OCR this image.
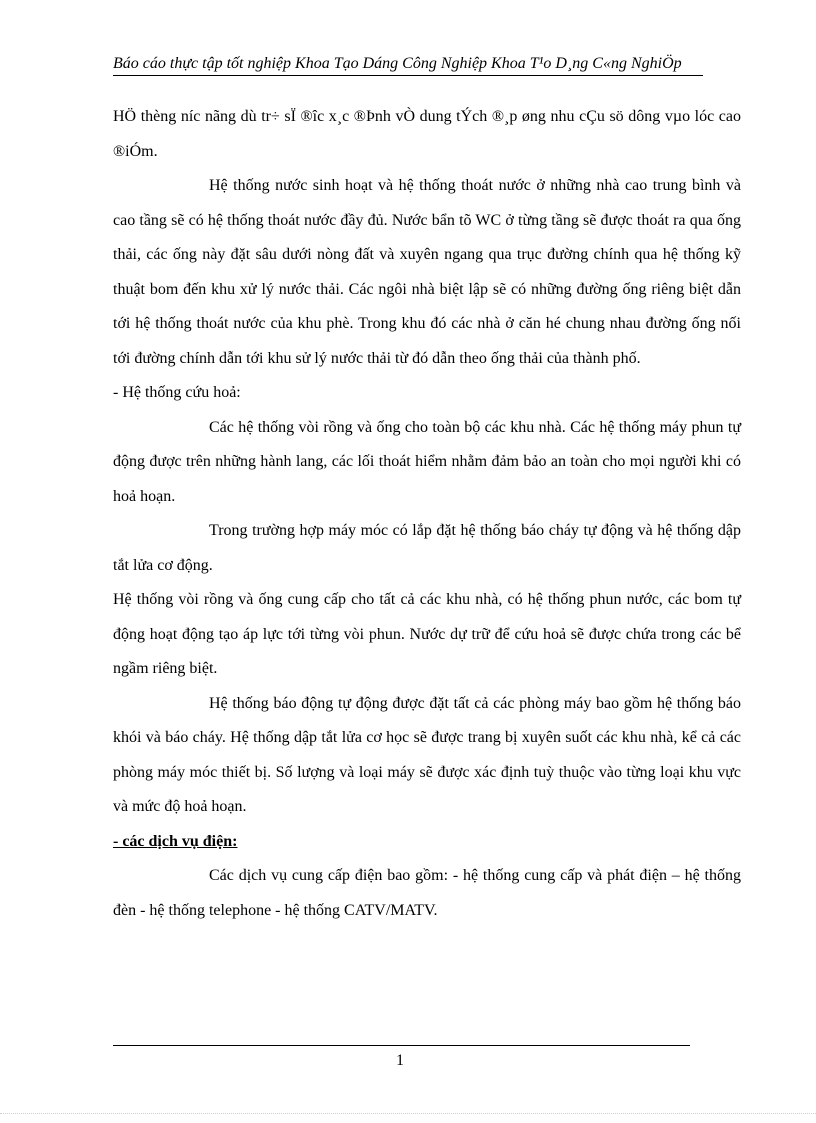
Báo cáo thực tập tốt nghiệp Khoa Tạo Dáng Công Nghiệp Khoa T¹o D¸ng C«ng NghiÖp

HÖ thèng níc nãng dù tr÷ sÏ ®îc x¸c ®Þnh vÒ dung tÝch ®¸p øng nhu cÇu sö dông vµo lóc cao ®iÓm.

Hệ thống nước sinh hoạt và hệ thống thoát nước ở những nhà cao trung bình và cao tầng sẽ có hệ thống thoát nước đầy đủ. Nước bẩn tõ WC ở từng tầng sẽ được thoát ra qua ống thải, các ống này đặt sâu dưới nòng đất và xuyên ngang qua trục đường chính qua hệ thống kỹ thuật bom đến khu xử lý nước thải. Các ngôi nhà biệt lập sẽ có những đường ống riêng biệt dẫn tới hệ thống thoát nước của khu phè. Trong khu đó các nhà ở căn hé chung nhau đường ống nối tới đường chính dẫn tới khu sử lý nước thải từ đó dẫn theo ống thải của thành phố.

- Hệ thống cứu hoả:

Các hệ thống vòi rồng và ống cho toàn bộ các khu nhà. Các hệ thống máy phun tự động được trên những hành lang, các lối thoát hiểm nhằm đảm bảo an toàn cho mọi người khi có hoả hoạn.

Trong trường hợp máy móc có lắp đặt hệ thống báo cháy tự động và hệ thống dập tắt lửa cơ động.

Hệ thống vòi rồng và ống cung cấp cho tất cả các khu nhà, có hệ thống phun nước, các bom tự động hoạt động tạo áp lực tới từng vòi phun. Nước dự trữ để cứu hoả sẽ được chứa trong các bể ngầm riêng biệt.

Hệ thống báo động tự động được đặt tất cả các phòng máy bao gồm hệ thống báo khói và báo cháy. Hệ thống dập tắt lửa cơ học sẽ được trang bị xuyên suốt các khu nhà, kể cả các phòng máy móc thiết bị. Số lượng và loại máy sẽ được xác định tuỳ thuộc vào từng loại khu vực và mức độ hoả hoạn.

- các dịch vụ điện:

Các dịch vụ cung cấp điện bao gồm: - hệ thống cung cấp và phát điện – hệ thống đèn - hệ thống telephone - hệ thống CATV/MATV.

1
